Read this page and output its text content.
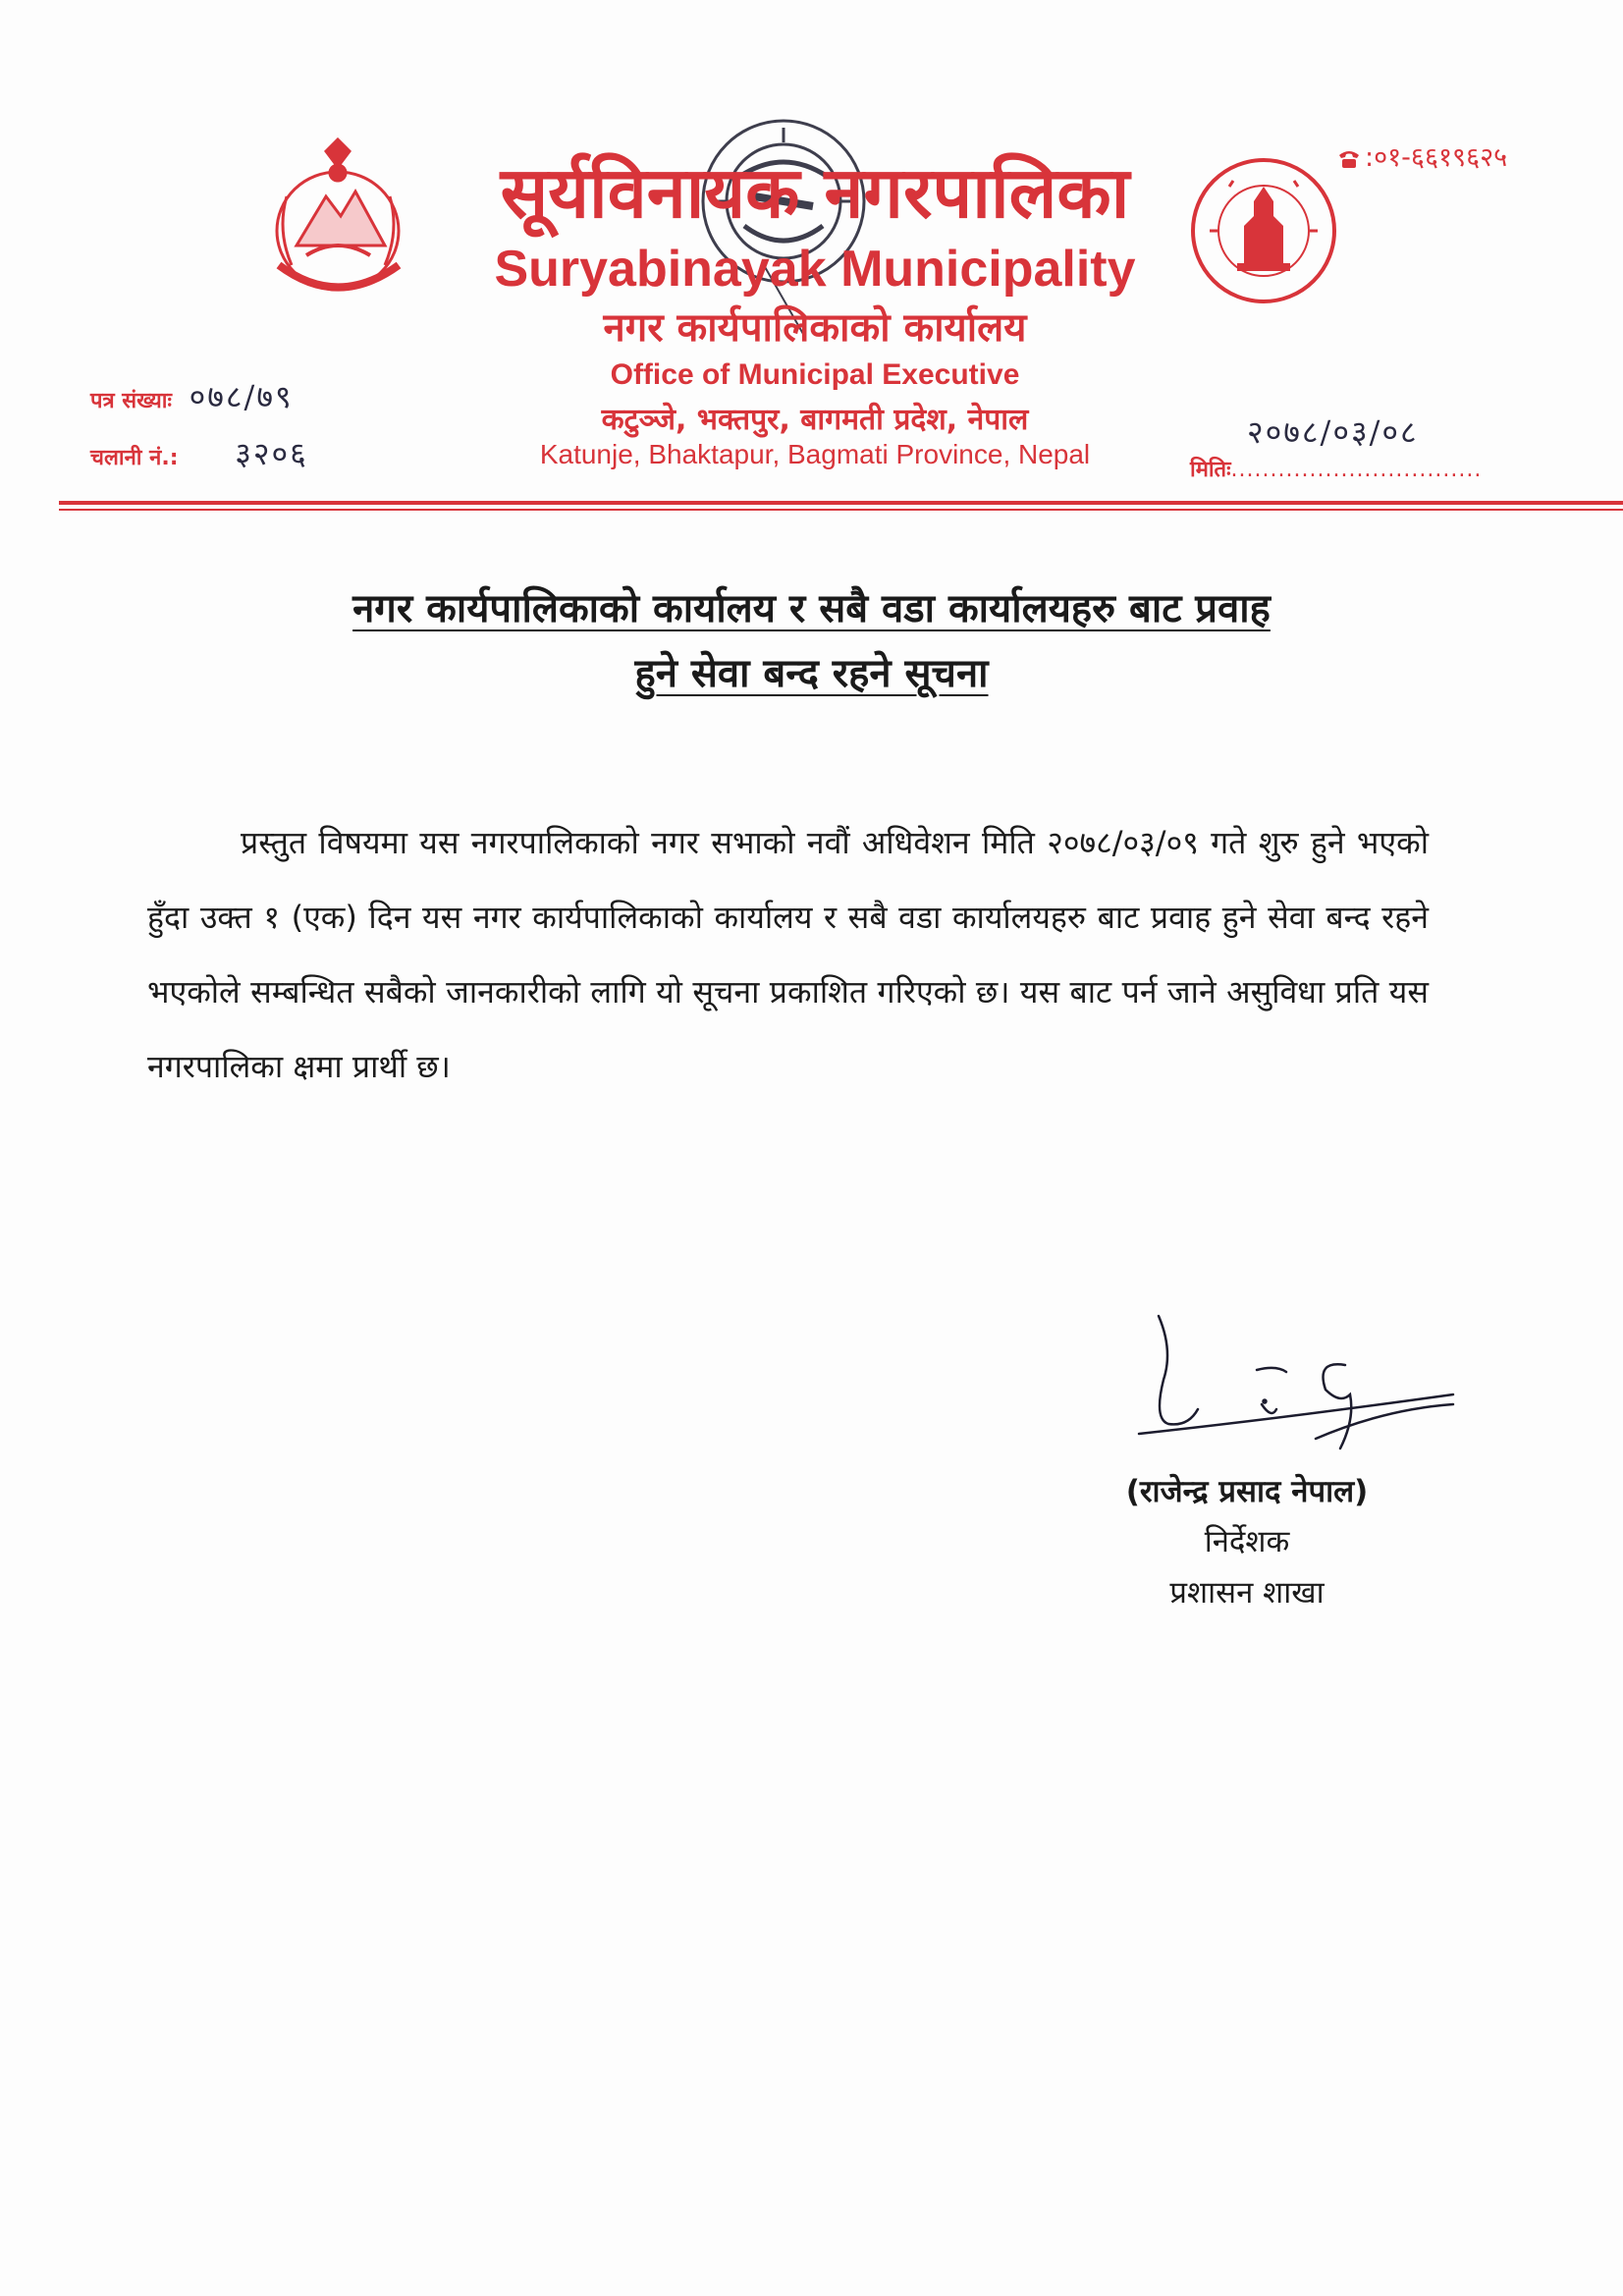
सूर्यविनायक नगरपालिका
Suryabinayak Municipality
नगर कार्यपालिकाको कार्यालय
Office of Municipal Executive
कटुञ्जे, भक्तपुर, बागमती प्रदेश, नेपाल
Katunje, Bhaktapur, Bagmati Province, Nepal
:०१-६६१९६२५
पत्र संख्याः ०७८/७९
चलानी नं.: ३२०६
२०७८/०३/०८
मितिः................................
नगर कार्यपालिकाको कार्यालय र सबै वडा कार्यालयहरु बाट प्रवाह
हुने सेवा बन्द रहने सूचना
प्रस्तुत विषयमा यस नगरपालिकाको नगर सभाको नवौं अधिवेशन मिति २०७८/०३/०९ गते शुरु हुने भएको हुँदा उक्त १ (एक) दिन यस नगर कार्यपालिकाको कार्यालय र सबै वडा कार्यालयहरु बाट प्रवाह हुने सेवा बन्द रहने भएकोले सम्बन्धित सबैको जानकारीको लागि यो सूचना प्रकाशित गरिएको छ। यस बाट पर्न जाने असुविधा प्रति यस नगरपालिका क्षमा प्रार्थी छ।
(राजेन्द्र प्रसाद नेपाल)
निर्देशक
प्रशासन शाखा
